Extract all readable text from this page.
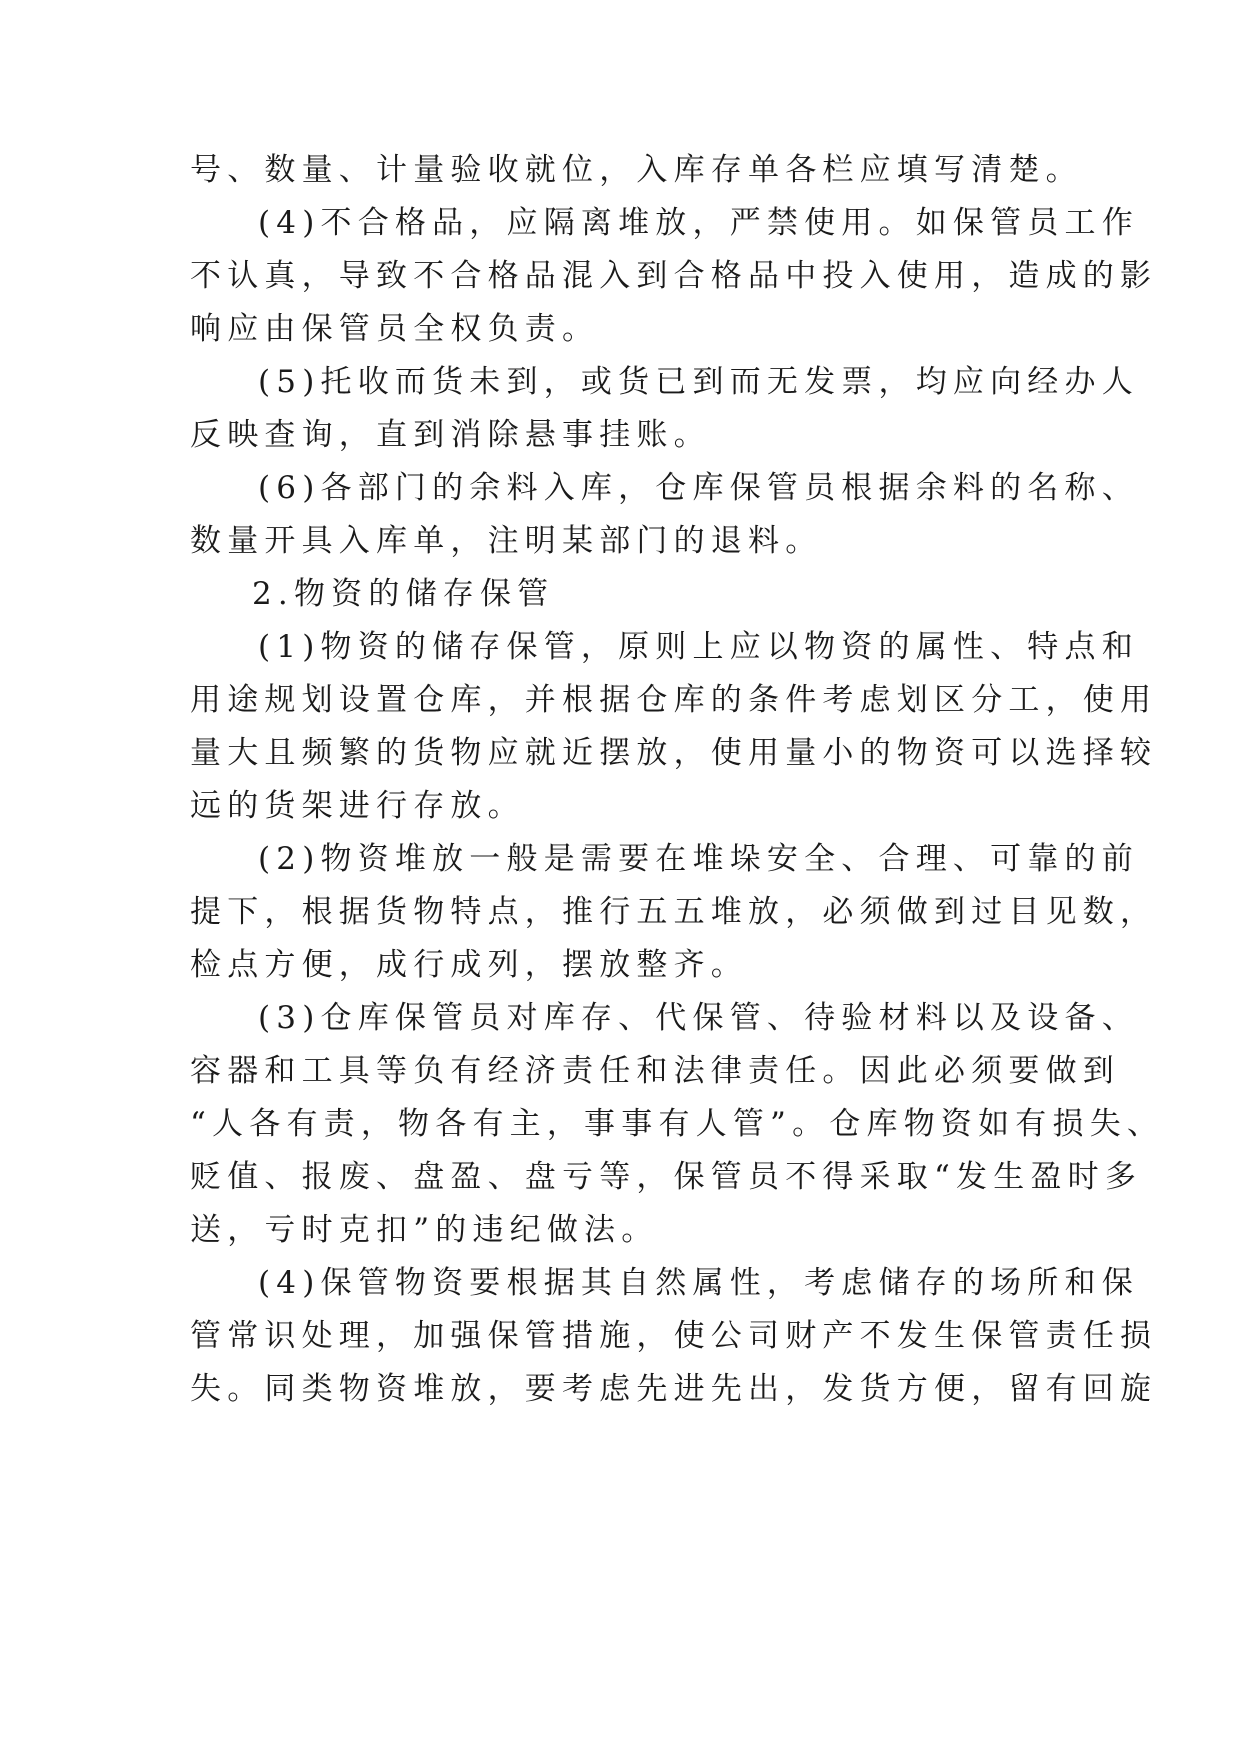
号、数量、计量验收就位，入库存单各栏应填写清楚。
(4)不合格品，应隔离堆放，严禁使用。如保管员工作
不认真，导致不合格品混入到合格品中投入使用，造成的影
响应由保管员全权负责。
(5)托收而货未到，或货已到而无发票，均应向经办人
反映查询，直到消除悬事挂账。
(6)各部门的余料入库，仓库保管员根据余料的名称、
数量开具入库单，注明某部门的退料。
2.物资的储存保管
(1)物资的储存保管，原则上应以物资的属性、特点和
用途规划设置仓库，并根据仓库的条件考虑划区分工，使用
量大且频繁的货物应就近摆放，使用量小的物资可以选择较
远的货架进行存放。
(2)物资堆放一般是需要在堆垛安全、合理、可靠的前
提下，根据货物特点，推行五五堆放，必须做到过目见数，
检点方便，成行成列，摆放整齐。
(3)仓库保管员对库存、代保管、待验材料以及设备、
容器和工具等负有经济责任和法律责任。因此必须要做到
“人各有责，物各有主，事事有人管”。仓库物资如有损失、
贬值、报废、盘盈、盘亏等，保管员不得采取“发生盈时多
送，亏时克扣”的违纪做法。
(4)保管物资要根据其自然属性，考虑储存的场所和保
管常识处理，加强保管措施，使公司财产不发生保管责任损
失。同类物资堆放，要考虑先进先出，发货方便，留有回旋
